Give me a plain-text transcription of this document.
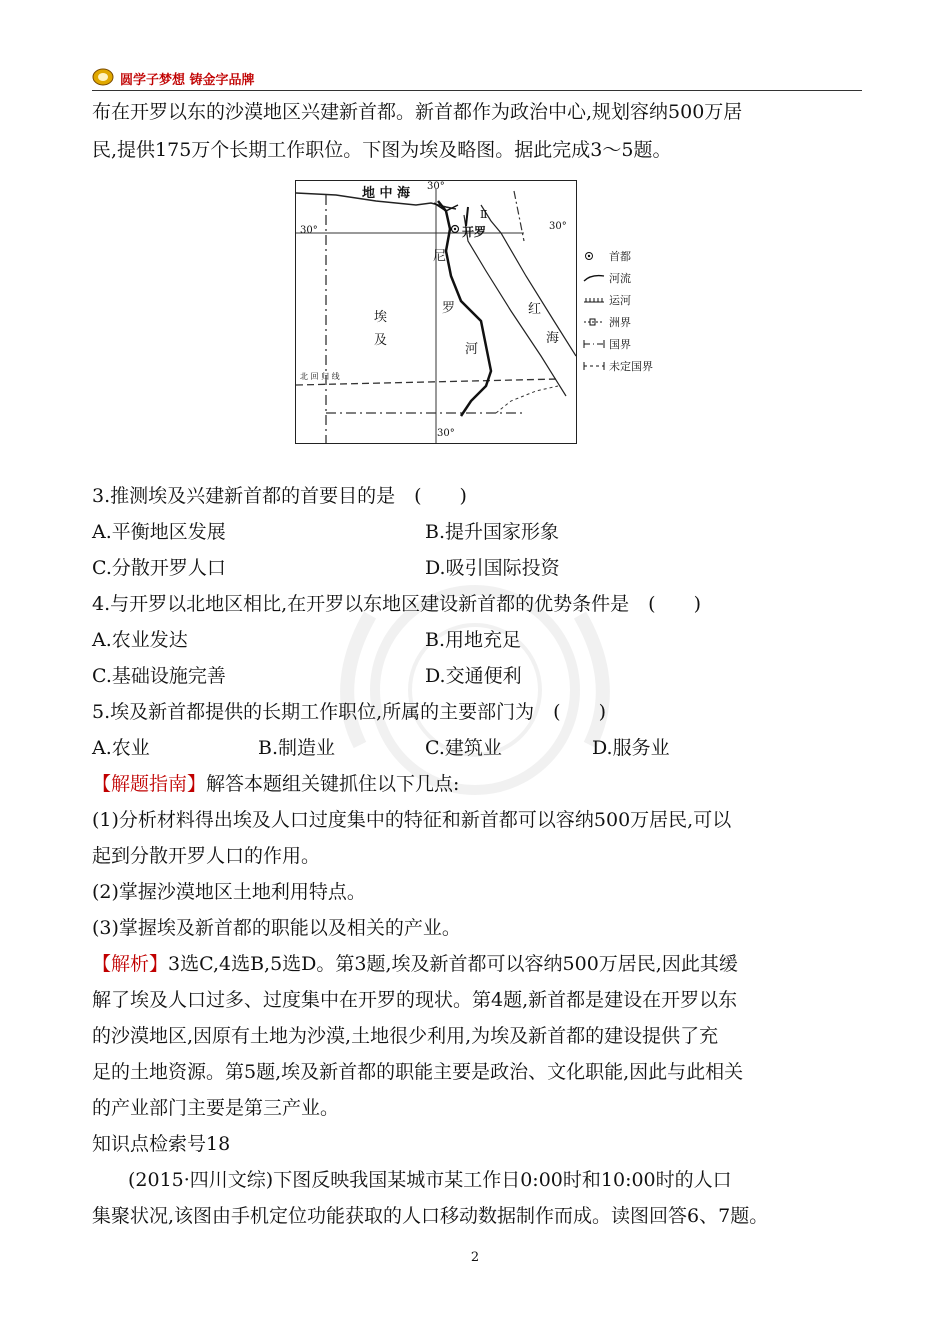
圆学子梦想 铸金字品牌
布在开罗以东的沙漠地区兴建新首都。新首都作为政治中心,规划容纳500万居
民,提供175万个长期工作职位。下图为埃及略图。据此完成3～5题。
地 中 海 30°
30°	30°
Ⅱ
开罗
尼
罗
河
埃
及
红
海
北 回 归 线
30°
首都
河流
运河
洲界
国界
未定国界
3.推测埃及兴建新首都的首要目的是　(　　)
A.平衡地区发展	B.提升国家形象
C.分散开罗人口	D.吸引国际投资
4.与开罗以北地区相比,在开罗以东地区建设新首都的优势条件是　(　　)
A.农业发达	B.用地充足
C.基础设施完善	D.交通便利
5.埃及新首都提供的长期工作职位,所属的主要部门为　(　　)
A.农业	B.制造业	C.建筑业	D.服务业
【解题指南】解答本题组关键抓住以下几点:
(1)分析材料得出埃及人口过度集中的特征和新首都可以容纳500万居民,可以
起到分散开罗人口的作用。
(2)掌握沙漠地区土地利用特点。
(3)掌握埃及新首都的职能以及相关的产业。
【解析】3选C,4选B,5选D。第3题,埃及新首都可以容纳500万居民,因此其缓
解了埃及人口过多、过度集中在开罗的现状。第4题,新首都是建设在开罗以东
的沙漠地区,因原有土地为沙漠,土地很少利用,为埃及新首都的建设提供了充
足的土地资源。第5题,埃及新首都的职能主要是政治、文化职能,因此与此相关
的产业部门主要是第三产业。
知识点检索号18
(2015·四川文综)下图反映我国某城市某工作日0:00时和10:00时的人口
集聚状况,该图由手机定位功能获取的人口移动数据制作而成。读图回答6、7题。
2
